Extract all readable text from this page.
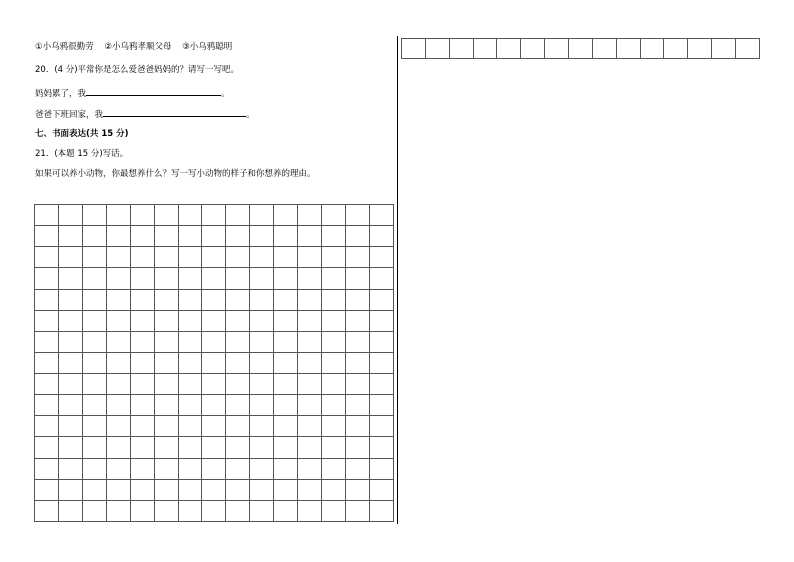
①小乌鸦很勤劳 ②小乌鸦孝顺父母 ③小乌鸦聪明
20．(4 分)平常你是怎么爱爸爸妈妈的？请写一写吧。
妈妈累了，我	。
爸爸下班回家，我	。
七、书面表达(共 15 分)
21．(本题 15 分)写话。
如果可以养小动物，你最想养什么？写一写小动物的样子和你想养的理由。
